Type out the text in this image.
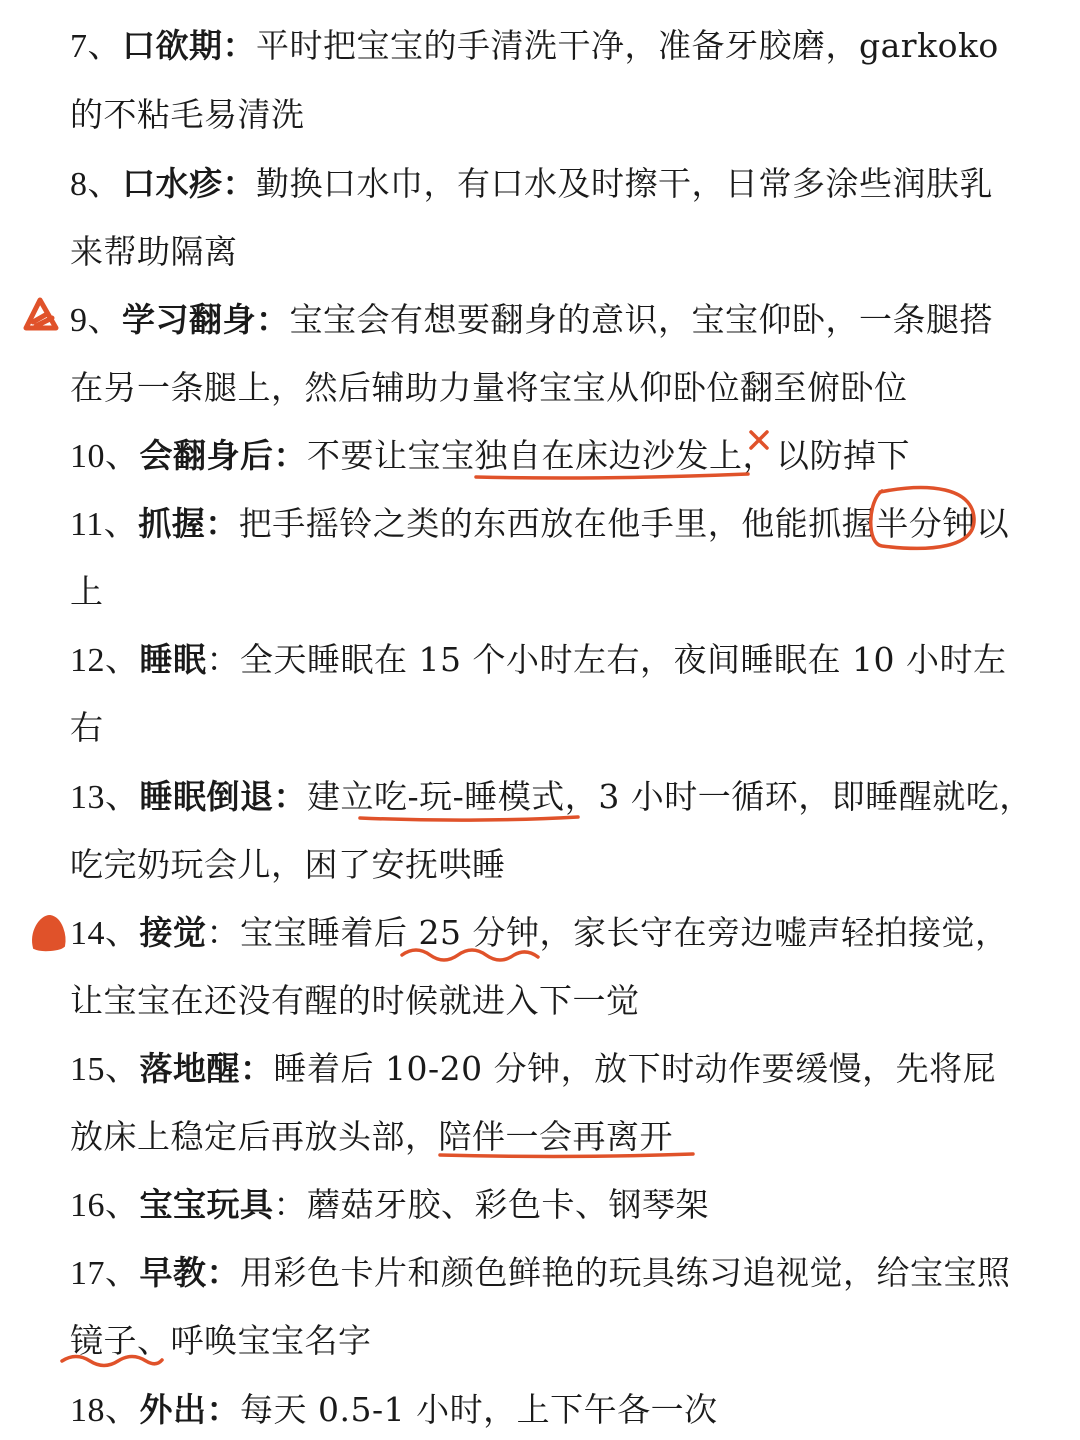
7、口欲期：平时把宝宝的手清洗干净，准备牙胶磨，garkoko
的不粘毛易清洗
8、口水疹：勤换口水巾，有口水及时擦干，日常多涂些润肤乳
来帮助隔离
9、学习翻身：宝宝会有想要翻身的意识，宝宝仰卧，一条腿搭
在另一条腿上，然后辅助力量将宝宝从仰卧位翻至俯卧位
10、会翻身后：不要让宝宝独自在床边沙发上，以防掉下
11、抓握：把手摇铃之类的东西放在他手里，他能抓握半分钟以
上
12、睡眠：全天睡眠在 15 个小时左右，夜间睡眠在 10 小时左
右
13、睡眠倒退：建立吃-玩-睡模式，3 小时一循环，即睡醒就吃，
吃完奶玩会儿，困了安抚哄睡
14、接觉：宝宝睡着后 25 分钟，家长守在旁边嘘声轻拍接觉，
让宝宝在还没有醒的时候就进入下一觉
15、落地醒：睡着后 10-20 分钟，放下时动作要缓慢，先将屁
放床上稳定后再放头部，陪伴一会再离开
16、宝宝玩具：蘑菇牙胶、彩色卡、钢琴架
17、早教：用彩色卡片和颜色鲜艳的玩具练习追视觉，给宝宝照
镜子、呼唤宝宝名字
18、外出：每天 0.5-1 小时，上下午各一次
